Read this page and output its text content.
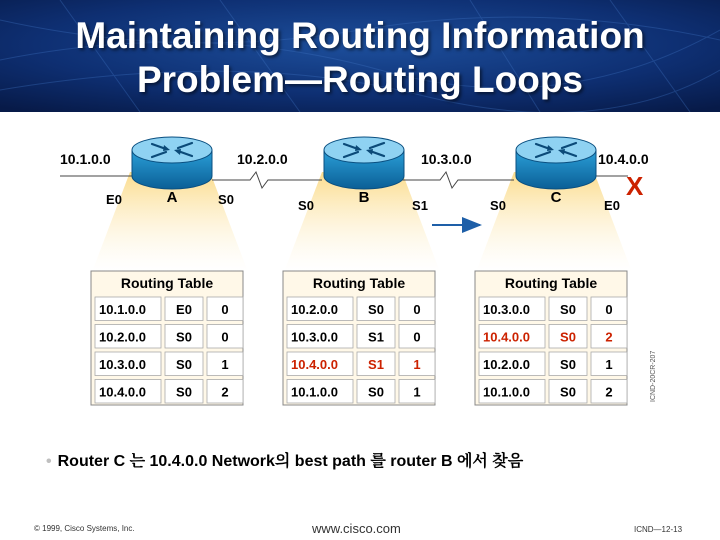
Maintaining Routing Information
Problem—Routing Loops
10.1.0.0	10.2.0.0	10.3.0.0	10.4.0.0
X
A
E0	S0	B
S0	S1	C
S0	E0
Routing Table
10.1.0.0 E0 0
10.2.0.0 S0 0
10.3.0.0 S0 1
10.4.0.0 S0 2
Routing Table
10.2.0.0 S0 0
10.3.0.0 S1 0
10.4.0.0 S1 1
10.1.0.0 S0 1
Routing Table
10.3.0.0 S0 0
10.4.0.0 S0 2
10.2.0.0 S0 1
10.1.0.0 S0 2	ICND-20CR-207
• Router C 는 10.4.0.0 Network의 best path 를 router B 에서 찾음
© 1999, Cisco Systems, Inc.	www.cisco.com	ICND—12-13
